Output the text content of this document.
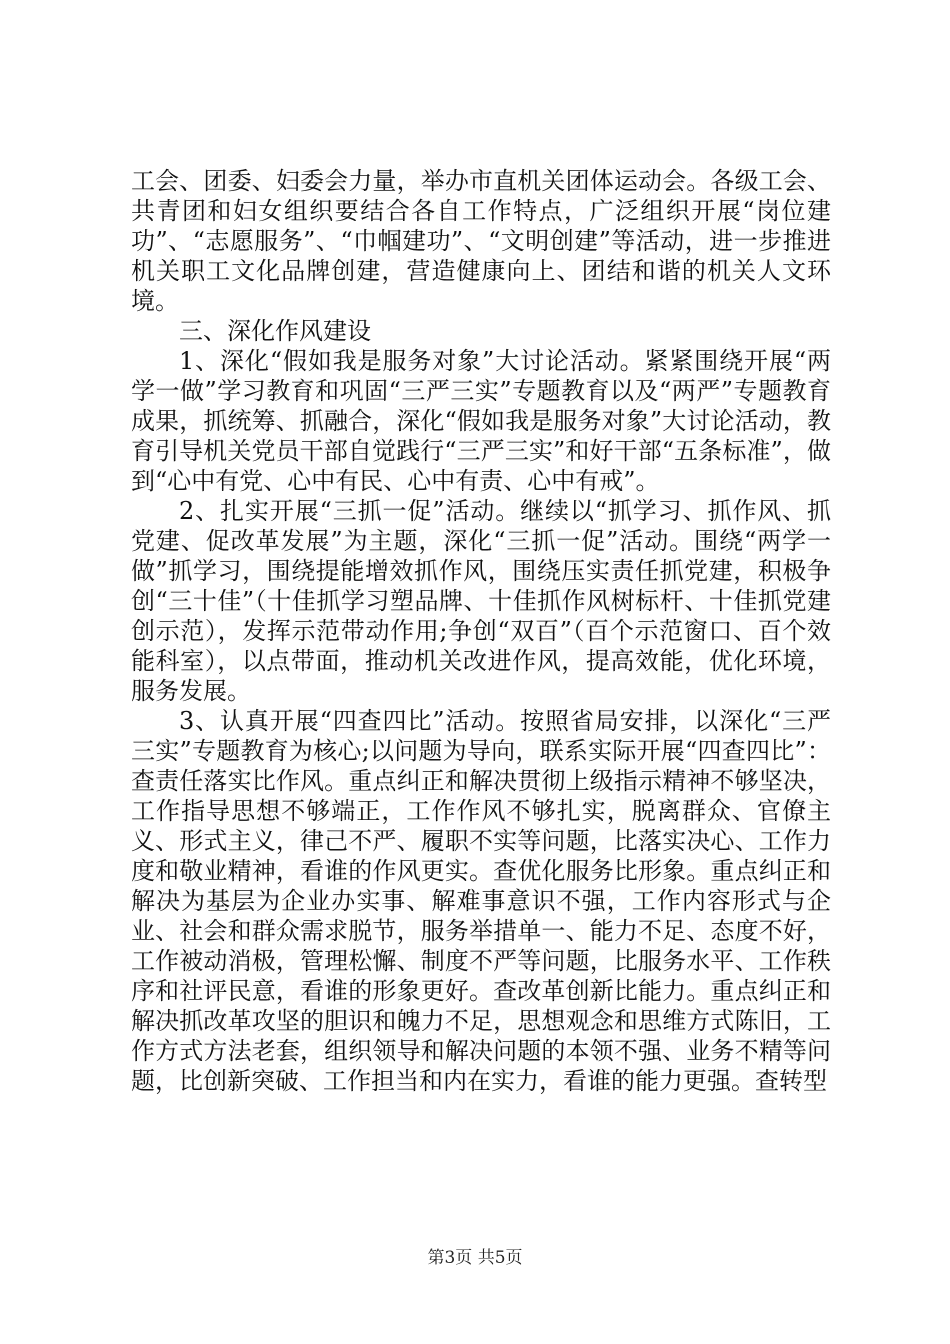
工会、团委、妇委会力量，举办市直机关团体运动会。各级工会、共青团和妇女组织要结合各自工作特点，广泛组织开展“岗位建功”、“志愿服务”、“巾帼建功”、“文明创建”等活动，进一步推进机关职工文化品牌创建，营造健康向上、团结和谐的机关人文环境。

三、深化作风建设

1、深化“假如我是服务对象”大讨论活动。紧紧围绕开展“两学一做”学习教育和巩固“三严三实”专题教育以及“两严”专题教育成果，抓统筹、抓融合，深化“假如我是服务对象”大讨论活动，教育引导机关党员干部自觉践行“三严三实”和好干部“五条标准”，做到“心中有党、心中有民、心中有责、心中有戒”。

2、扎实开展“三抓一促”活动。继续以“抓学习、抓作风、抓党建、促改革发展”为主题，深化“三抓一促”活动。围绕“两学一做”抓学习，围绕提能增效抓作风，围绕压实责任抓党建，积极争创“三十佳”（十佳抓学习塑品牌、十佳抓作风树标杆、十佳抓党建创示范），发挥示范带动作用;争创“双百”（百个示范窗口、百个效能科室），以点带面，推动机关改进作风，提高效能，优化环境，服务发展。

3、认真开展“四查四比”活动。按照省局安排，以深化“三严三实”专题教育为核心;以问题为导向，联系实际开展“四查四比”：查责任落实比作风。重点纠正和解决贯彻上级指示精神不够坚决，工作指导思想不够端正，工作作风不够扎实，脱离群众、官僚主义、形式主义，律己不严、履职不实等问题，比落实决心、工作力度和敬业精神，看谁的作风更实。查优化服务比形象。重点纠正和解决为基层为企业办实事、解难事意识不强，工作内容形式与企业、社会和群众需求脱节，服务举措单一、能力不足、态度不好，工作被动消极，管理松懈、制度不严等问题，比服务水平、工作秩序和社评民意，看谁的形象更好。查改革创新比能力。重点纠正和解决抓改革攻坚的胆识和魄力不足，思想观念和思维方式陈旧，工作方式方法老套，组织领导和解决问题的本领不强、业务不精等问题，比创新突破、工作担当和内在实力，看谁的能力更强。查转型

第3页 共5页
